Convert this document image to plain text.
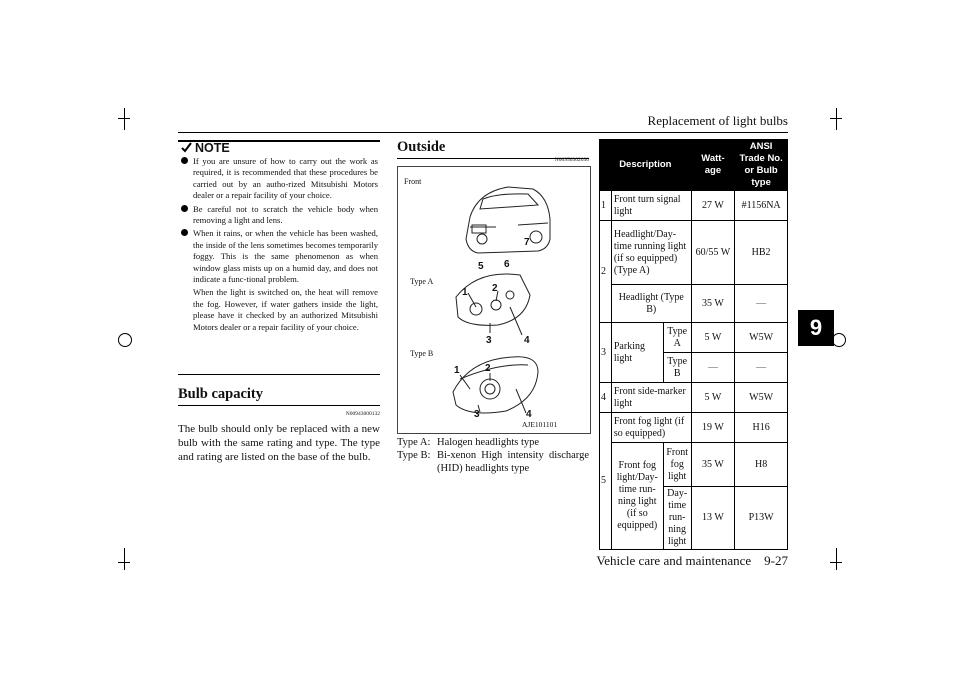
Replacement of light bulbs
9
NOTE

If you are unsure of how to carry out the work as required, it is recommended that these procedures be carried out by an autho-rized Mitsubishi Motors dealer or a repair facility of your choice.

Be careful not to scratch the vehicle body when removing a light and lens.

When it rains, or when the vehicle has been washed, the inside of the lens sometimes becomes temporarily foggy. This is the same phenomenon as when window glass mists up on a humid day, and does not indicate a func-tional problem.

When the light is switched on, the heat will remove the fog. However, if water gathers inside the light, please have it checked by an authorized Mitsubishi Motors dealer or a repair facility of your choice.

Bulb capacity
N00943000132
The bulb should only be replaced with a new bulb with the same rating and type. The type and rating are listed on the base of the bulb.
Outside
N00950302030
Front
Type A
Type B
AJE101101
5 6
7
1 2
3	4
1	2
3	4
Type A: Halogen headlights type
Type B: Bi-xenon High intensity discharge (HID) headlights type
Description			Watt-age	ANSI Trade No. or Bulb type
1	Front turn signal light		27 W	#1156NA
2	Headlight/Day-time running light (if so equipped) (Type A)		60/55 W	HB2
	Headlight (Type B)		35 W	—
3	Parking light	Type A	5 W	W5W
		Type B	—	—
4	Front side-marker light		5 W	W5W
5	Front fog light (if so equipped)		19 W	H16
	Front fog light/Day-time run-ning light (if so equipped)	Front fog light	35 W	H8
		Day-time run-ning light	13 W	P13W
Vehicle care and maintenance 9-27
